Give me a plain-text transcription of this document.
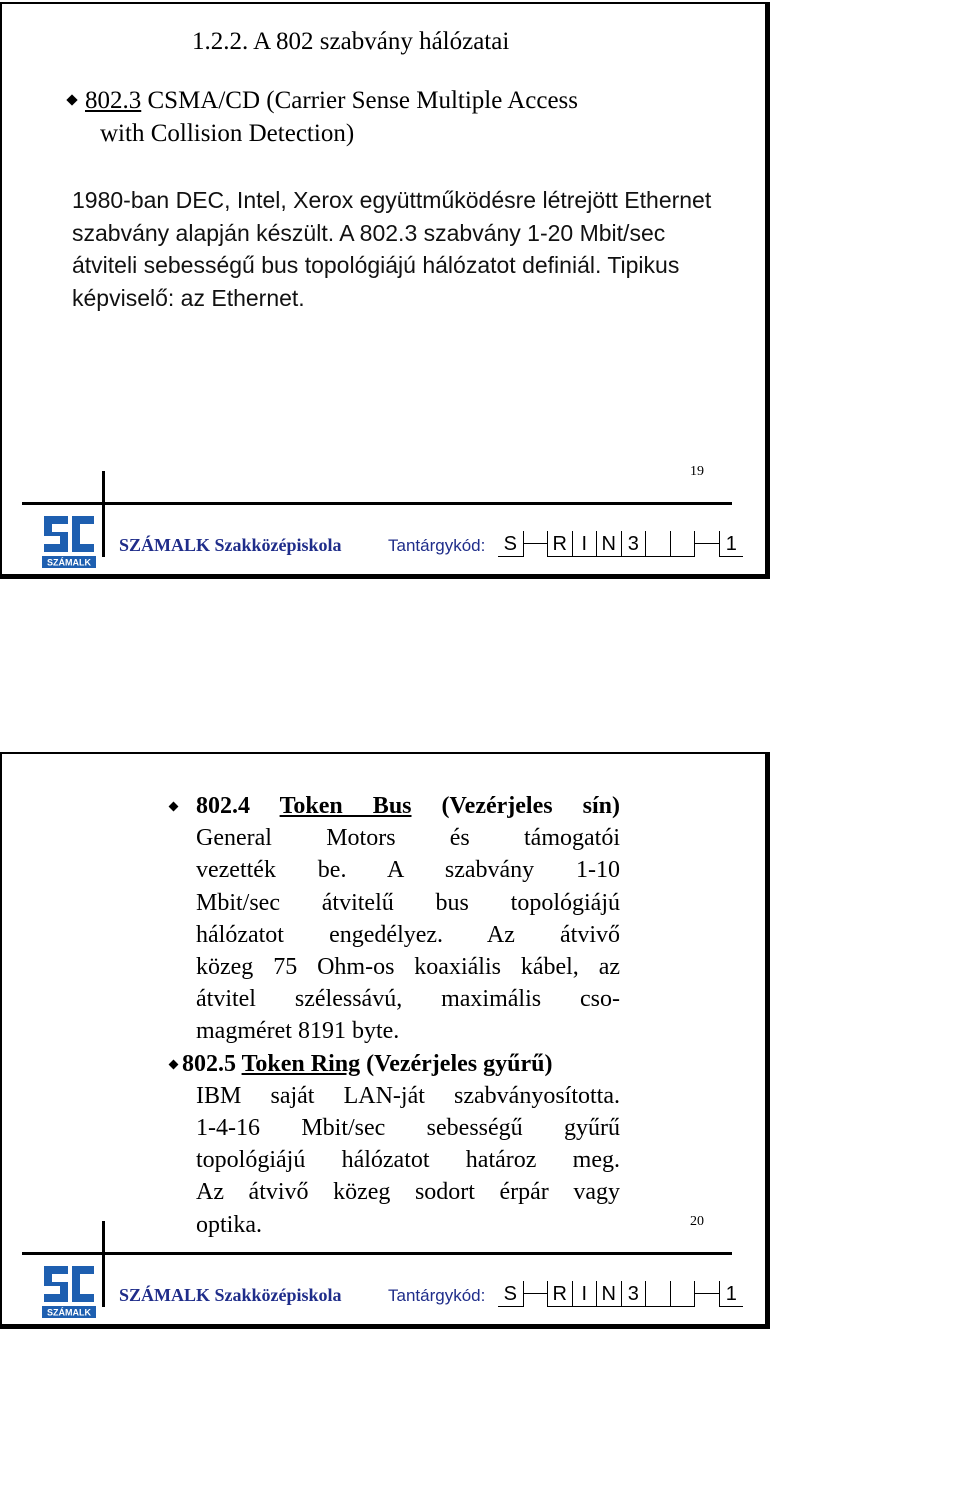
1.2.2. A 802 szabvány hálózatai
802.3 CSMA/CD (Carrier Sense Multiple Access
with Collision Detection)
1980-ban DEC, Intel, Xerox együttműködésre létrejött Ethernet szabvány alapján készült. A 802.3 szabvány 1-20 Mbit/sec átviteli sebességű bus topológiájú hálózatot definiál. Tipikus képviselő: az Ethernet.
19
SZÁMALK
SZÁMALK Szakközépiskola	Tantárgykód: S R I N 3	1
802.4 Token Bus (Vezérjeles sín)
General Motors és támogatói
vezették be. A szabvány 1-10
Mbit/sec átvitelű bus topológiájú
hálózatot engedélyez. Az átvivő
közeg 75 Ohm-os koaxiális kábel, az
átvitel szélessávú, maximális cso-
magméret 8191 byte.
802.5 Token Ring (Vezérjeles gyűrű)
IBM saját LAN-ját szabványosította.
1-4-16 Mbit/sec sebességű gyűrű
topológiájú hálózatot határoz meg.
Az átvivő közeg sodort érpár vagy
optika.	20
SZÁMALK
SZÁMALK Szakközépiskola	Tantárgykód: S R I N 3	1
